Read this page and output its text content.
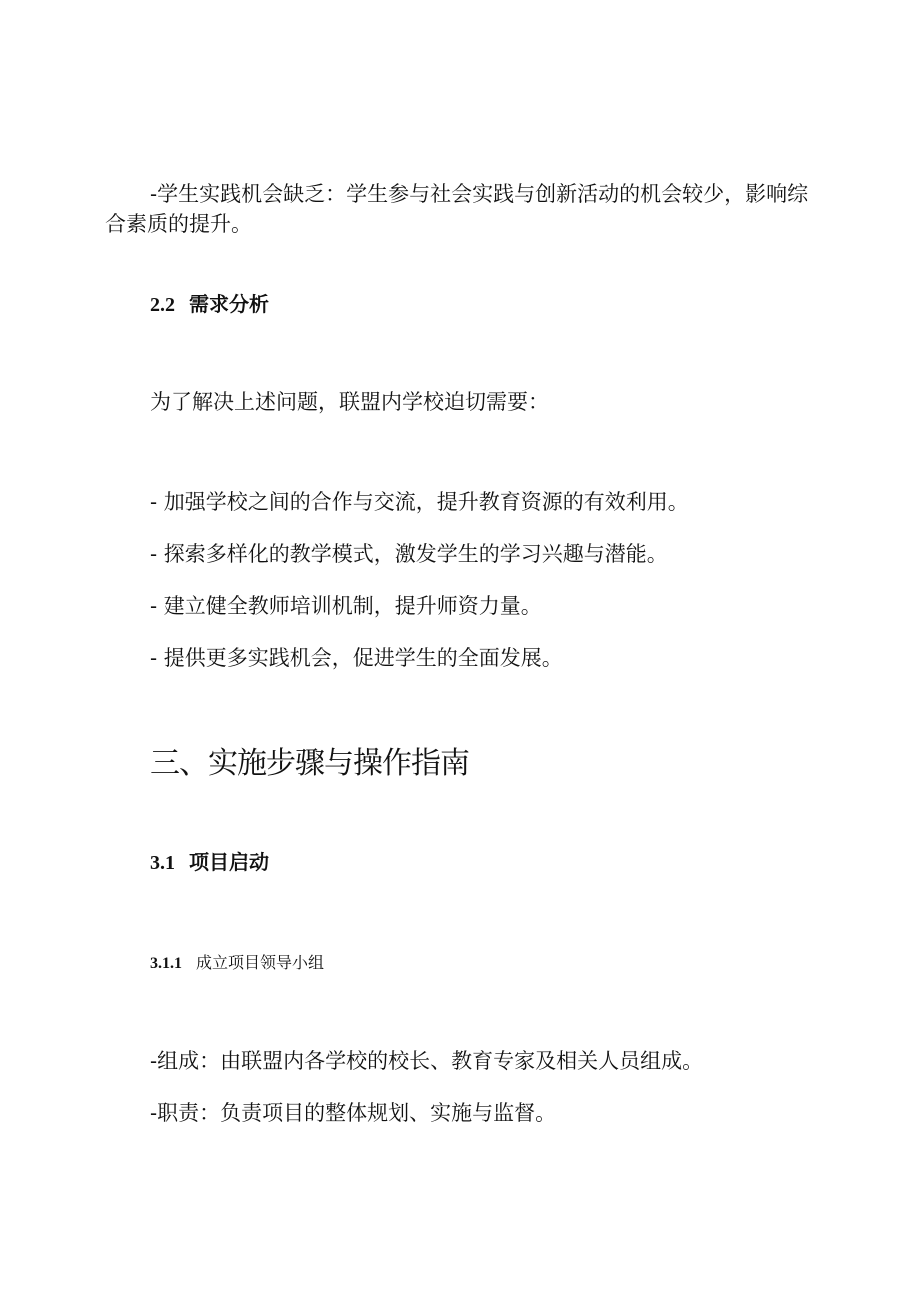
-学生实践机会缺乏：学生参与社会实践与创新活动的机会较少，影响综合素质的提升。

2.2 需求分析

为了解决上述问题，联盟内学校迫切需要：

- 加强学校之间的合作与交流，提升教育资源的有效利用。

- 探索多样化的教学模式，激发学生的学习兴趣与潜能。

- 建立健全教师培训机制，提升师资力量。

- 提供更多实践机会，促进学生的全面发展。

三、实施步骤与操作指南
3.1 项目启动
3.1.1 成立项目领导小组

-组成：由联盟内各学校的校长、教育专家及相关人员组成。

-职责：负责项目的整体规划、实施与监督。
